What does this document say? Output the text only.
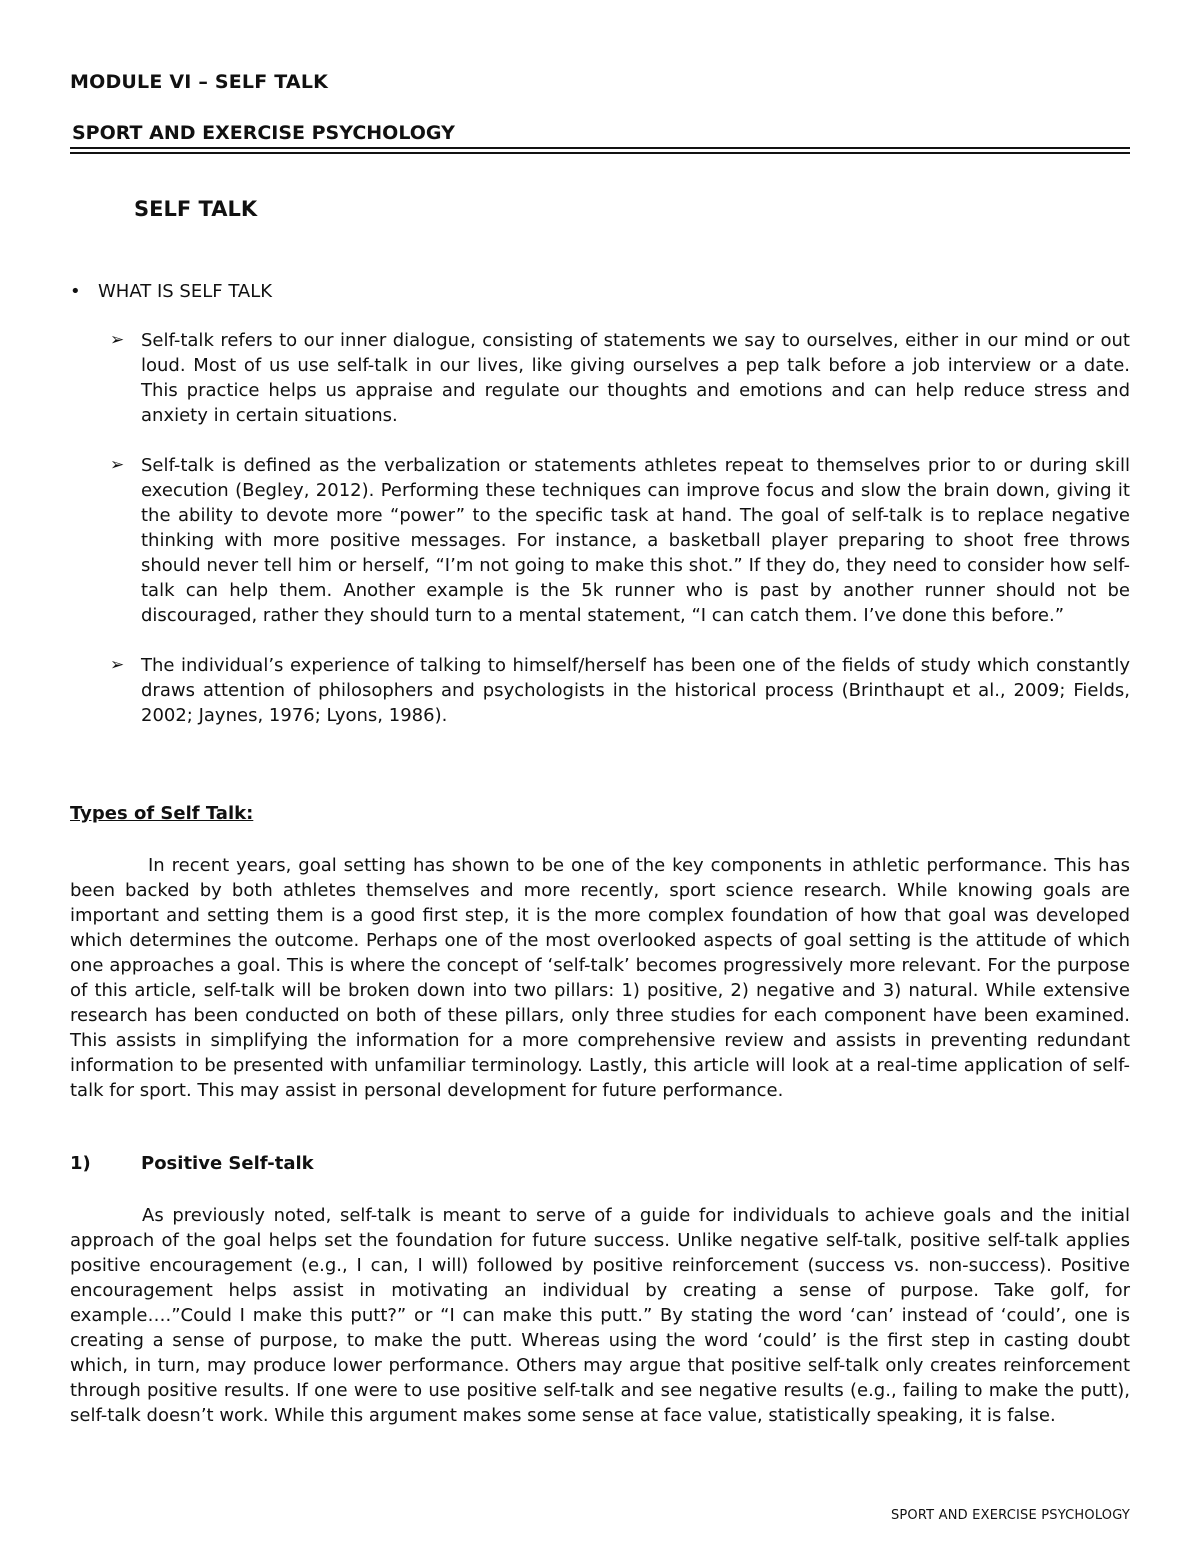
MODULE VI – SELF TALK
SPORT AND EXERCISE PSYCHOLOGY
SELF TALK
• WHAT IS SELF TALK
➢ Self-talk refers to our inner dialogue, consisting of statements we say to ourselves, either in our mind or out loud. Most of us use self-talk in our lives, like giving ourselves a pep talk before a job interview or a date. This practice helps us appraise and regulate our thoughts and emotions and can help reduce stress and anxiety in certain situations.
➢ Self-talk is defined as the verbalization or statements athletes repeat to themselves prior to or during skill execution (Begley, 2012). Performing these techniques can improve focus and slow the brain down, giving it the ability to devote more “power” to the specific task at hand. The goal of self-talk is to replace negative thinking with more positive messages. For instance, a basketball player preparing to shoot free throws should never tell him or herself, “I’m not going to make this shot.” If they do, they need to consider how self-talk can help them. Another example is the 5k runner who is past by another runner should not be discouraged, rather they should turn to a mental statement, “I can catch them. I’ve done this before.”
➢ The individual’s experience of talking to himself/herself has been one of the fields of study which constantly draws attention of philosophers and psychologists in the historical process (Brinthaupt et al., 2009; Fields, 2002; Jaynes, 1976; Lyons, 1986).
Types of Self Talk:
In recent years, goal setting has shown to be one of the key components in athletic performance. This has been backed by both athletes themselves and more recently, sport science research. While knowing goals are important and setting them is a good first step, it is the more complex foundation of how that goal was developed which determines the outcome. Perhaps one of the most overlooked aspects of goal setting is the attitude of which one approaches a goal. This is where the concept of ‘self-talk’ becomes progressively more relevant. For the purpose of this article, self-talk will be broken down into two pillars: 1) positive, 2) negative and 3) natural. While extensive research has been conducted on both of these pillars, only three studies for each component have been examined. This assists in simplifying the information for a more comprehensive review and assists in preventing redundant information to be presented with unfamiliar terminology. Lastly, this article will look at a real-time application of self-talk for sport. This may assist in personal development for future performance.
1)	Positive Self-talk
As previously noted, self-talk is meant to serve of a guide for individuals to achieve goals and the initial approach of the goal helps set the foundation for future success. Unlike negative self-talk, positive self-talk applies positive encouragement (e.g., I can, I will) followed by positive reinforcement (success vs. non-success). Positive encouragement helps assist in motivating an individual by creating a sense of purpose. Take golf, for example….”Could I make this putt?” or “I can make this putt.” By stating the word ‘can’ instead of ‘could’, one is creating a sense of purpose, to make the putt. Whereas using the word ‘could’ is the first step in casting doubt which, in turn, may produce lower performance. Others may argue that positive self-talk only creates reinforcement through positive results. If one were to use positive self-talk and see negative results (e.g., failing to make the putt), self-talk doesn’t work. While this argument makes some sense at face value, statistically speaking, it is false.
SPORT AND EXERCISE PSYCHOLOGY
